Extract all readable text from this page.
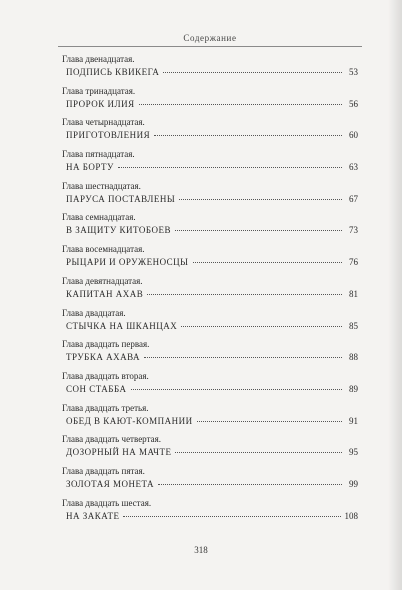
Содержание
Глава двенадцатая.
ПОДПИСЬ КВИКЕГА	53
Глава тринадцатая.
ПРОРОК ИЛИЯ	56
Глава четырнадцатая.
ПРИГОТОВЛЕНИЯ	60
Глава пятнадцатая.
НА БОРТУ	63
Глава шестнадцатая.
ПАРУСА ПОСТАВЛЕНЫ	67
Глава семнадцатая.
В ЗАЩИТУ КИТОБОЕВ	73
Глава восемнадцатая.
РЫЦАРИ И ОРУЖЕНОСЦЫ	76
Глава девятнадцатая.
КАПИТАН АХАВ	81
Глава двадцатая.
СТЫЧКА НА ШКАНЦАХ	85
Глава двадцать первая.
ТРУБКА АХАВА	88
Глава двадцать вторая.
СОН СТАББА	89
Глава двадцать третья.
ОБЕД В КАЮТ-КОМПАНИИ	91
Глава двадцать четвертая.
ДОЗОРНЫЙ НА МАЧТЕ	95
Глава двадцать пятая.
ЗОЛОТАЯ МОНЕТА	99
Глава двадцать шестая.
НА ЗАКАТЕ	108
318
